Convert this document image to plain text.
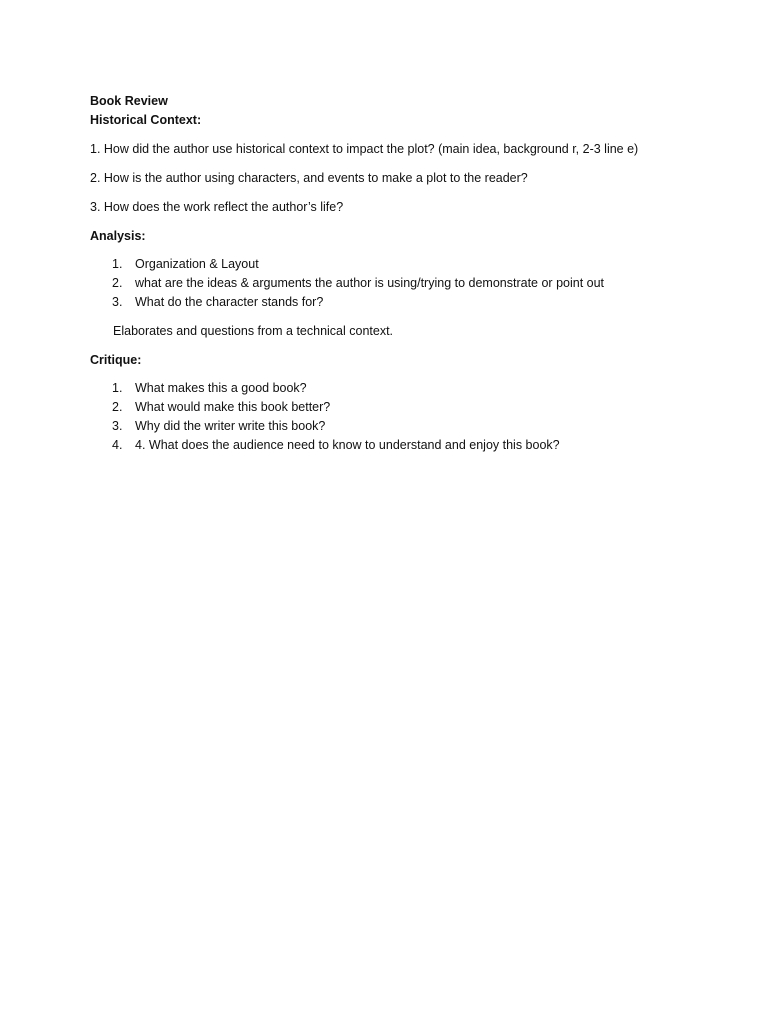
Book Review

Historical Context:

1. How did the author use historical context to impact the plot? (main idea, background r, 2-3 line e)

2. How is the author using characters, and events to make a plot to the reader?

3. How does the work reflect the author’s life?

Analysis:

1. Organization & Layout
2. what are the ideas & arguments the author is using/trying to demonstrate or point out
3. What do the character stands for?

Elaborates and questions from a technical context.

Critique:

1. What makes this a good book?
2. What would make this book better?
3. Why did the writer write this book?
4. 4. What does the audience need to know to understand and enjoy this book?
